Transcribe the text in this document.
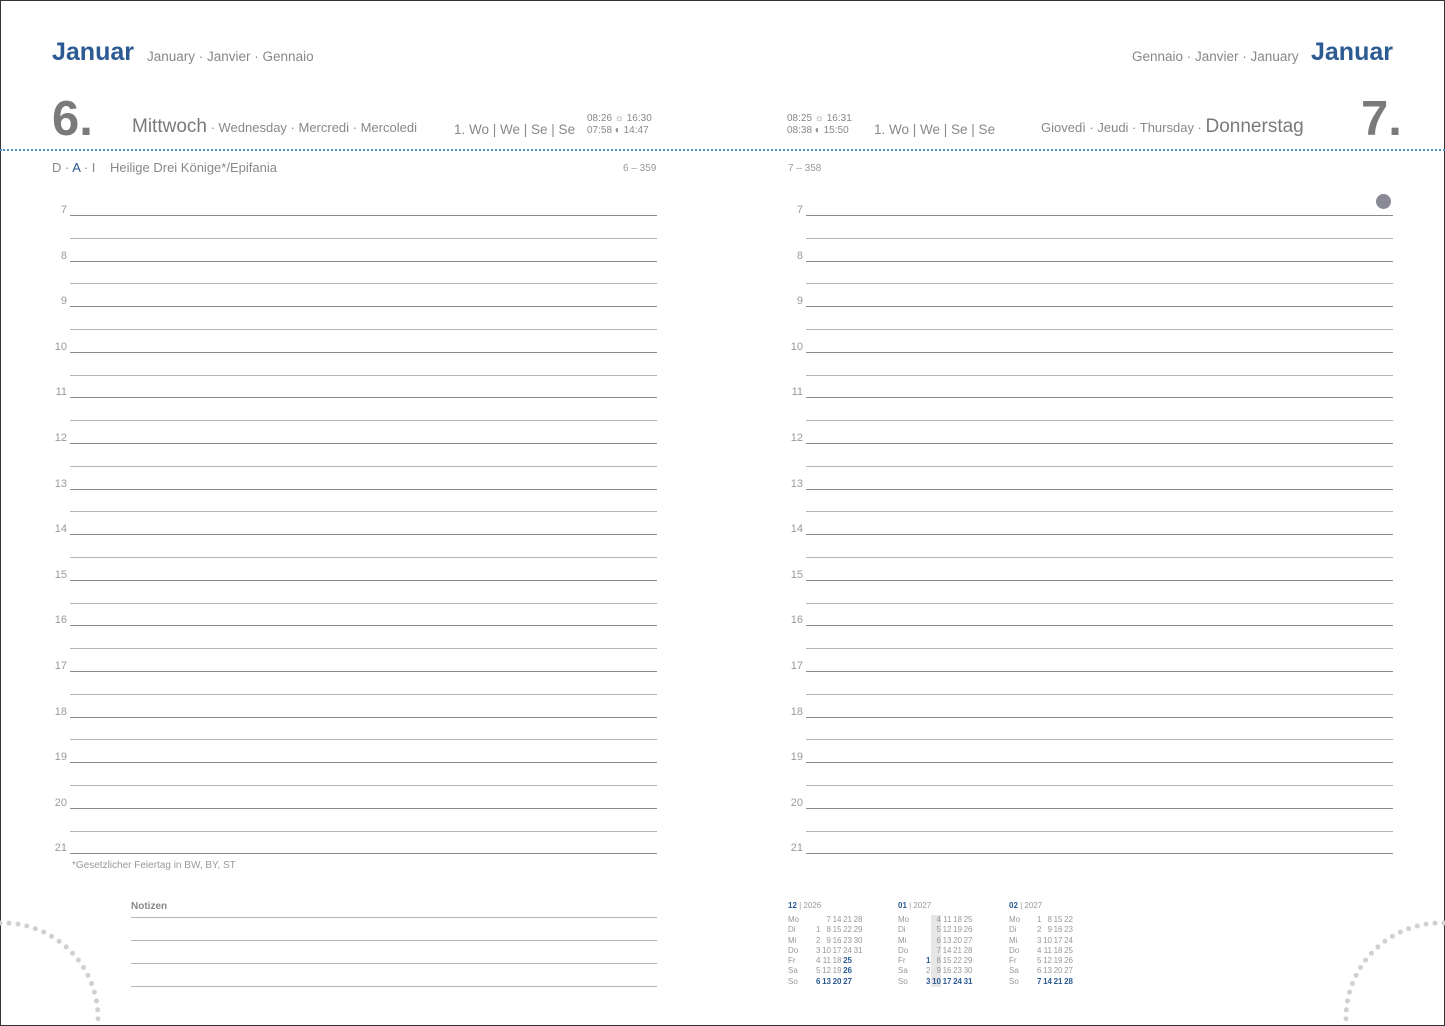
Januar January · Janvier · Gennaio
6. Mittwoch · Wednesday · Mercredi · Mercoledi	1. Wo | We | Se | Se
08:26 ☼ 16:30
07:58 ◐ 14:47
Gennaio · Janvier · January Januar
08:25 ☼ 16:31
08:38 ◐ 15:50 1. Wo | We | Se | Se	Giovedì · Jeudi · Thursday · Donnerstag 7.
D · A · I Heilige Drei Könige*/Epifania	6 – 359	7 – 358
7
8
9
10
11
12
13
14
15
16
17
18
19
20
21
7
8
9
10
11
12
13
14
15
16
17
18
19
20
21
*Gesetzlicher Feiertag in BW, BY, ST
Notizen	12 | 2026
Mo		7	14	21	28
Di	1	8	15	22	29
Mi	2	9	16	23	30
Do	3	10	17	24	31
Fr	4	11	18	25	
Sa	5	12	19	26	
So	6	13	20	27	
01 | 2027
Mo		4	11	18	25
Di		5	12	19	26
Mi		6	13	20	27
Do		7	14	21	28
Fr	1	8	15	22	29
Sa	2	9	16	23	30
So	3	10	17	24	31
02 | 2027
Mo	1	8	15	22
Di	2	9	16	23
Mi	3	10	17	24
Do	4	11	18	25
Fr	5	12	19	26
Sa	6	13	20	27
So	7	14	21	28
